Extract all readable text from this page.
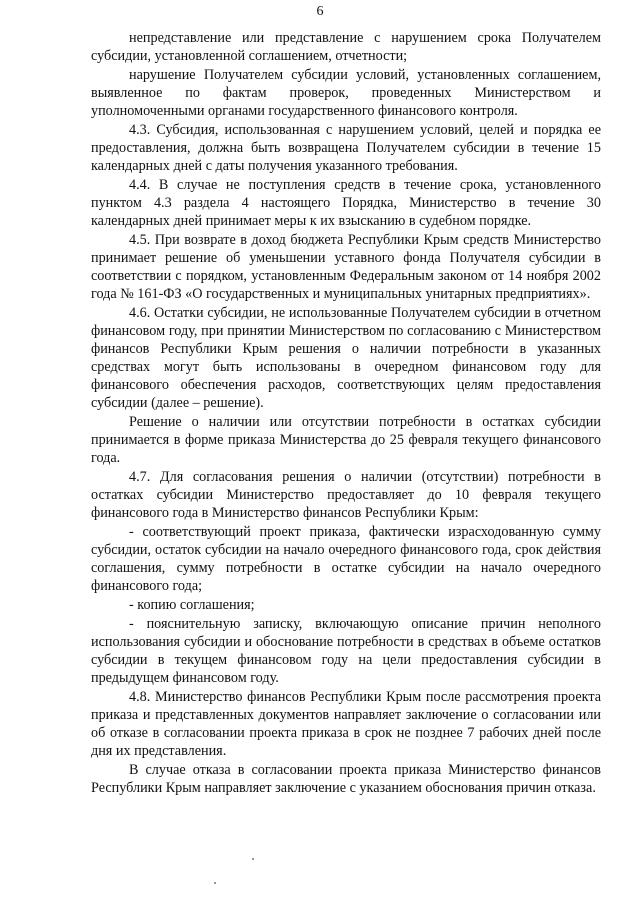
6

непредставление или представление с нарушением срока Получателем субсидии, установленной соглашением, отчетности;

нарушение Получателем субсидии условий, установленных соглашением, выявленное по фактам проверок, проведенных Министерством и уполномоченными органами государственного финансового контроля.

4.3. Субсидия, использованная с нарушением условий, целей и порядка ее предоставления, должна быть возвращена Получателем субсидии в течение 15 календарных дней с даты получения указанного требования.

4.4. В случае не поступления средств в течение срока, установленного пунктом 4.3 раздела 4 настоящего Порядка, Министерство в течение 30 календарных дней принимает меры к их взысканию в судебном порядке.

4.5. При возврате в доход бюджета Республики Крым средств Министерство принимает решение об уменьшении уставного фонда Получателя субсидии в соответствии с порядком, установленным Федеральным законом от 14 ноября 2002 года № 161-ФЗ «О государственных и муниципальных унитарных предприятиях».

4.6. Остатки субсидии, не использованные Получателем субсидии в отчетном финансовом году, при принятии Министерством по согласованию с Министерством финансов Республики Крым решения о наличии потребности в указанных средствах могут быть использованы в очередном финансовом году для финансового обеспечения расходов, соответствующих целям предоставления субсидии (далее – решение).

Решение о наличии или отсутствии потребности в остатках субсидии принимается в форме приказа Министерства до 25 февраля текущего финансового года.

4.7. Для согласования решения о наличии (отсутствии) потребности в остатках субсидии Министерство предоставляет до 10 февраля текущего финансового года в Министерство финансов Республики Крым:

- соответствующий проект приказа, фактически израсходованную сумму субсидии, остаток субсидии на начало очередного финансового года, срок действия соглашения, сумму потребности в остатке субсидии на начало очередного финансового года;

- копию соглашения;

- пояснительную записку, включающую описание причин неполного использования субсидии и обоснование потребности в средствах в объеме остатков субсидии в текущем финансовом году на цели предоставления субсидии в предыдущем финансовом году.

4.8. Министерство финансов Республики Крым после рассмотрения проекта приказа и представленных документов направляет заключение о согласовании или об отказе в согласовании проекта приказа в срок не позднее 7 рабочих дней после дня их представления.

В случае отказа в согласовании проекта приказа Министерство финансов Республики Крым направляет заключение с указанием обоснования причин отказа.
